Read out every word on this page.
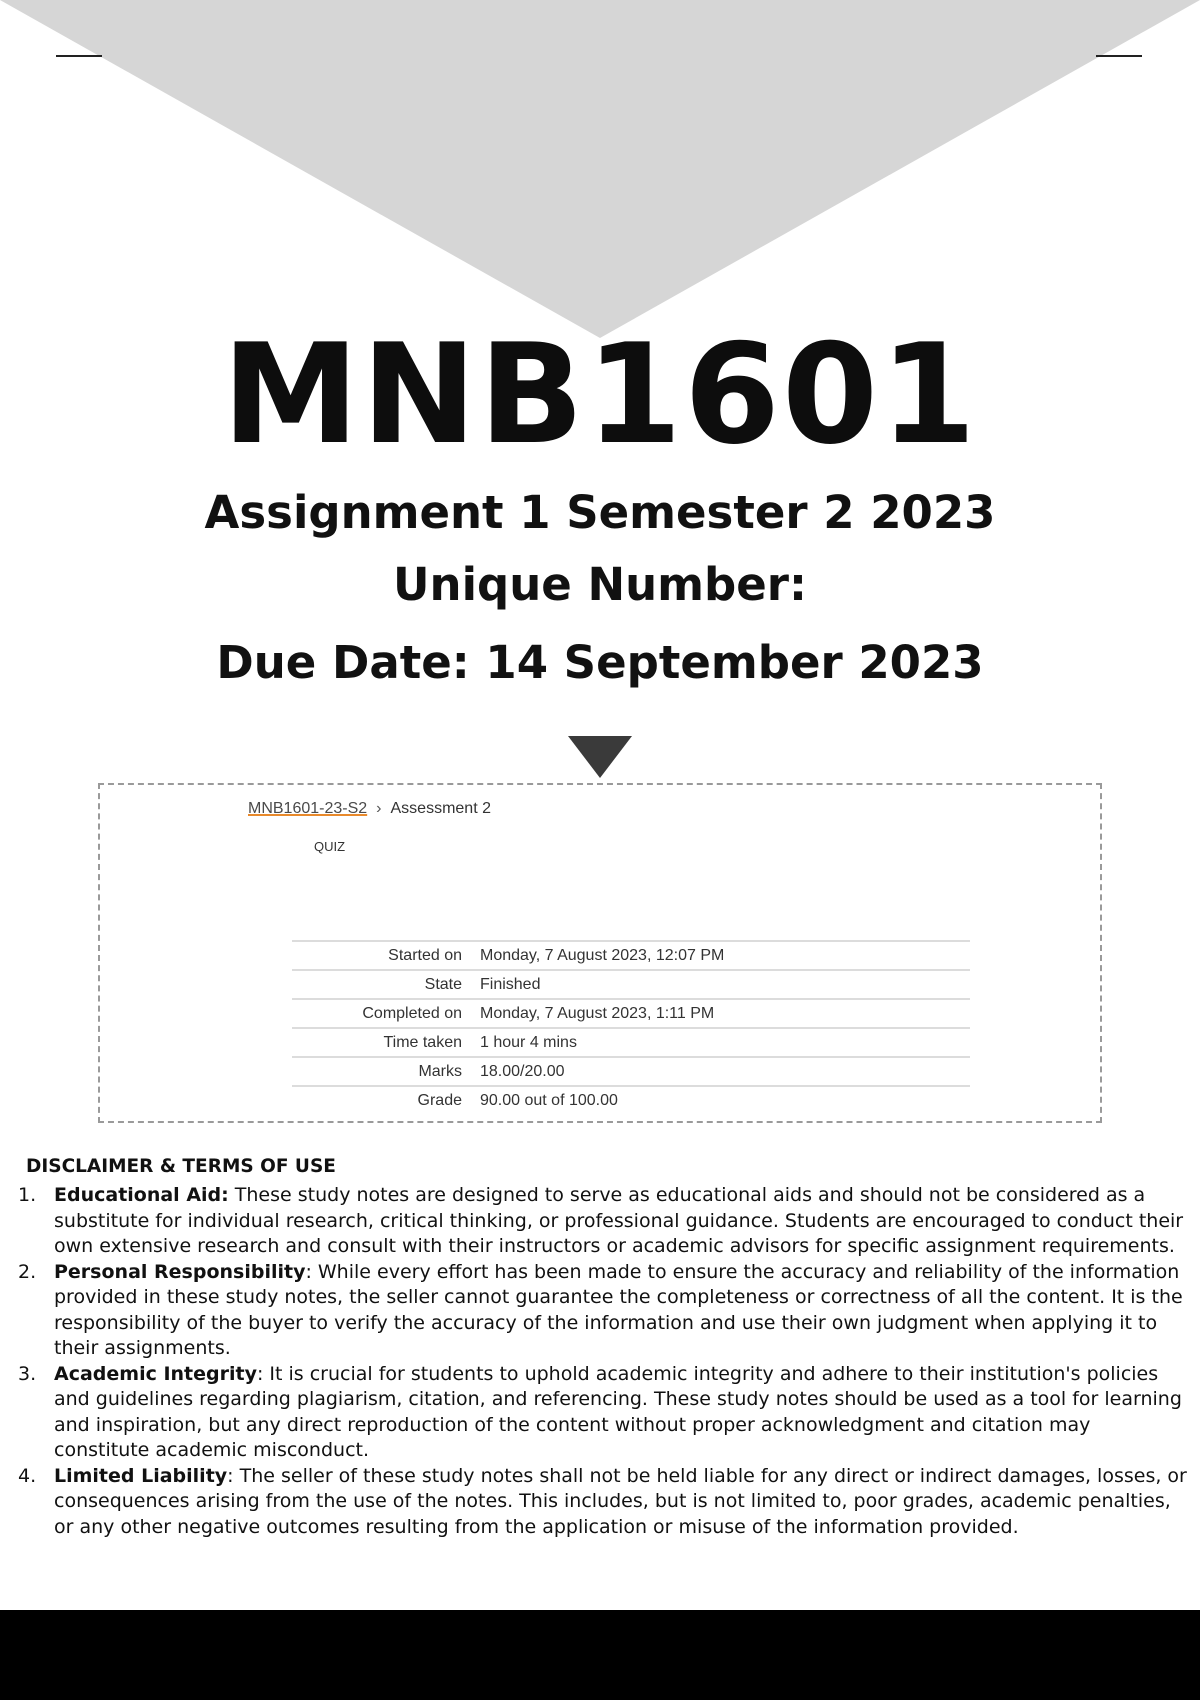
MNB1601
Assignment 1 Semester 2 2023
Unique Number:
Due Date: 14 September 2023
MNB1601-23-S2 › Assessment 2
QUIZ
Started on	Monday, 7 August 2023, 12:07 PM
State	Finished
Completed on	Monday, 7 August 2023, 1:11 PM
Time taken	1 hour 4 mins
Marks	18.00/20.00
Grade	90.00 out of 100.00
DISCLAIMER & TERMS OF USE
1. Educational Aid: These study notes are designed to serve as educational aids and should not be considered as a substitute for individual research, critical thinking, or professional guidance. Students are encouraged to conduct their own extensive research and consult with their instructors or academic advisors for specific assignment requirements.
2. Personal Responsibility: While every effort has been made to ensure the accuracy and reliability of the information provided in these study notes, the seller cannot guarantee the completeness or correctness of all the content. It is the responsibility of the buyer to verify the accuracy of the information and use their own judgment when applying it to their assignments.
3. Academic Integrity: It is crucial for students to uphold academic integrity and adhere to their institution's policies and guidelines regarding plagiarism, citation, and referencing. These study notes should be used as a tool for learning and inspiration, but any direct reproduction of the content without proper acknowledgment and citation may constitute academic misconduct.
4. Limited Liability: The seller of these study notes shall not be held liable for any direct or indirect damages, losses, or consequences arising from the use of the notes. This includes, but is not limited to, poor grades, academic penalties, or any other negative outcomes resulting from the application or misuse of the information provided.
